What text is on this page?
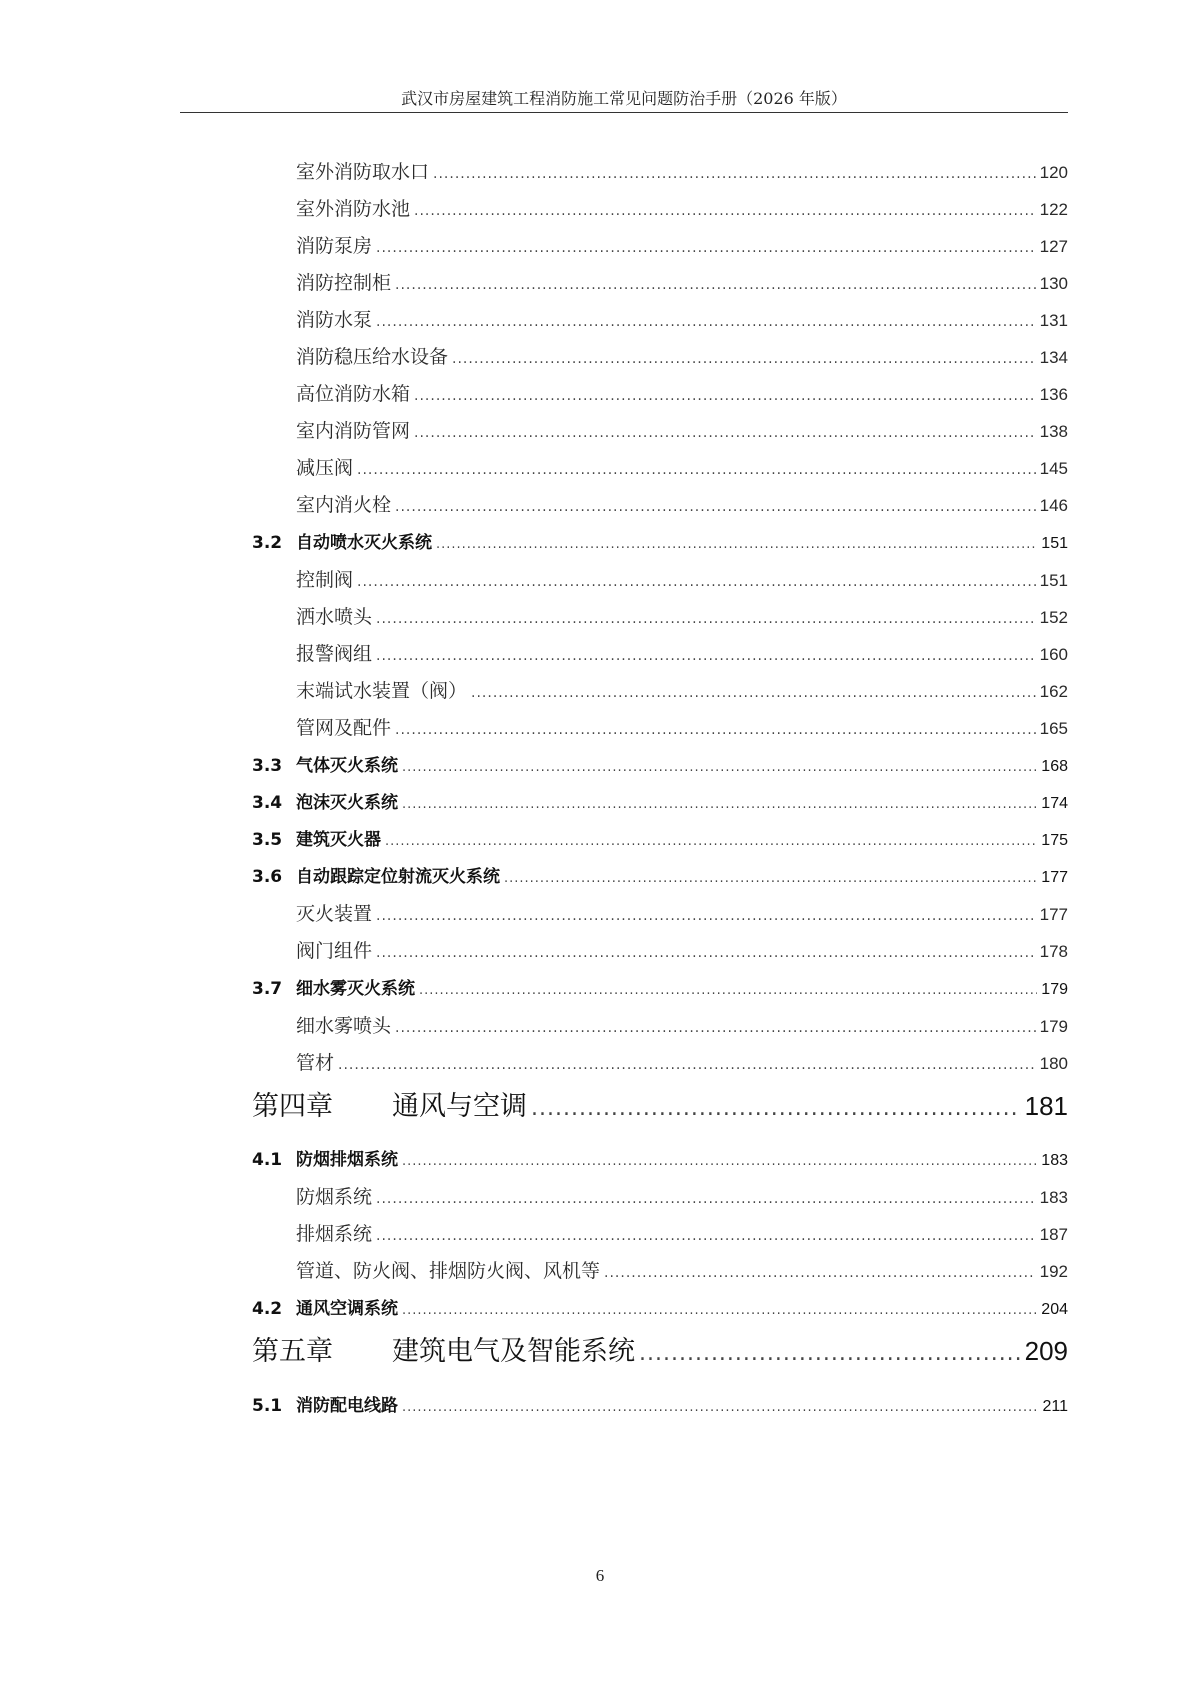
武汉市房屋建筑工程消防施工常见问题防治手册（2026 年版）
室外消防取水口 .....	120
室外消防水池 .....	122
消防泵房 .....	127
消防控制柜 .....	130
消防水泵 .....	131
消防稳压给水设备 .....	134
高位消防水箱 .....	136
室内消防管网 .....	138
减压阀 .....	145
室内消火栓 .....	146
3.2 自动喷水灭火系统 .....	151
控制阀 .....	151
洒水喷头 .....	152
报警阀组 .....	160
末端试水装置（阀） .....	162
管网及配件 .....	165
3.3 气体灭火系统 .....	168
3.4 泡沫灭火系统 .....	174
3.5 建筑灭火器 .....	175
3.6 自动跟踪定位射流灭火系统 .....	177
灭火装置 .....	177
阀门组件 .....	178
3.7 细水雾灭火系统 .....	179
细水雾喷头 .....	179
管材 .....	180
第四章	通风与空调 .....	181
4.1 防烟排烟系统 .....	183
防烟系统 .....	183
排烟系统 .....	187
管道、防火阀、排烟防火阀、风机等 .....	192
4.2 通风空调系统 .....	204
第五章	建筑电气及智能系统 .....	209
5.1 消防配电线路 .....	211
6
